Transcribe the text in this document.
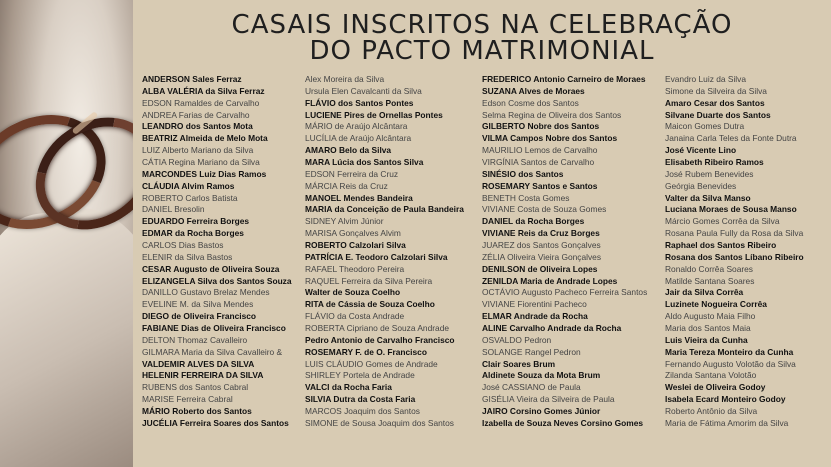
CASAIS INSCRITOS NA CELEBRAÇÃO
DO PACTO MATRIMONIAL
ANDERSON Sales Ferraz
ALBA VALÉRIA da Silva Ferraz
EDSON Ramaldes de Carvalho
ANDREA Farias de Carvalho
LEANDRO dos Santos Mota
BEATRIZ Almeida de Melo Mota
LUIZ Alberto Mariano da Silva
CÁTIA Regina Mariano da Silva
MARCONDES Luiz Dias Ramos
CLÁUDIA Alvim Ramos
ROBERTO Carlos Batista
DANIEL Bresolin
EDUARDO Ferreira Borges
EDMAR da Rocha Borges
CARLOS Dias Bastos
ELENIR da Silva Bastos
CESAR Augusto de Oliveira Souza
ELIZANGELA Silva dos Santos Souza
DANILLO Gustavo Brelaz Mendes
EVELINE M. da Silva Mendes
DIEGO de Oliveira Francisco
FABIANE Dias de Oliveira Francisco
DELTON Thomaz Cavalleiro
GILMARA Maria da Silva Cavalleiro &
VALDEMIR ALVES DA SILVA
HELENIR FERREIRA DA SILVA
RUBENS dos Santos Cabral
MARISE Ferreira Cabral
MÁRIO Roberto dos Santos
JUCÉLIA Ferreira Soares dos Santos
Alex Moreira da Silva
Ursula Elen Cavalcanti da Silva
FLÁVIO dos Santos Pontes
LUCIENE Pires de Ornellas Pontes
MÁRIO de Araújo Alcântara
LUCÍLIA de Araújo Alcântara
AMARO Belo da Silva
MARA Lúcia dos Santos Silva
EDSON Ferreira da Cruz
MÁRCIA Reis da Cruz
MANOEL Mendes Bandeira
MARIA da Conceição de Paula Bandeira
SIDNEY Alvim Júnior
MARISA Gonçalves Alvim
ROBERTO Calzolari Silva
PATRÍCIA E. Teodoro Calzolari Silva
RAFAEL Theodoro Pereira
RAQUEL Ferreira da Silva Pereira
Walter de Souza Coelho
RITA de Cássia de Souza Coelho
FLÁVIO da Costa Andrade
ROBERTA Cipriano de Souza Andrade
Pedro Antonio de Carvalho Francisco
ROSEMARY F. de O. Francisco
LUIS CLÁUDIO Gomes de Andrade
SHIRLEY Portela de Andrade
VALCI da Rocha Faria
SILVIA Dutra da Costa Faria
MARCOS Joaquim dos Santos
SIMONE de Sousa Joaquim dos Santos
FREDERICO Antonio Carneiro de Moraes
SUZANA Alves de Moraes
Edson Cosme dos Santos
Selma Regina de Oliveira dos Santos
GILBERTO Nobre dos Santos
VILMA Campos Nobre dos Santos
MAURILIO Lemos de Carvalho
VIRGÍNIA Santos de Carvalho
SINÉSIO dos Santos
ROSEMARY Santos e Santos
BENETH Costa Gomes
VIVIANE Costa de Souza Gomes
DANIEL da Rocha Borges
VIVIANE Reis da Cruz Borges
JUAREZ dos Santos Gonçalves
ZÉLIA Oliveira Vieira Gonçalves
DENILSON de Oliveira Lopes
ZENILDA Maria de Andrade Lopes
OCTÁVIO Augusto Pacheco Ferreira Santos
VIVIANE Fiorentini Pacheco
ELMAR Andrade da Rocha
ALINE Carvalho Andrade da Rocha
OSVALDO Pedron
SOLANGE Rangel Pedron
Clair Soares Brum
Aldinete Souza da Mota Brum
José CASSIANO de Paula
GISÉLIA Vieira da Silveira de Paula
JAIRO Corsino Gomes Júnior
Izabella de Souza Neves Corsino Gomes
Evandro Luiz da Silva
Simone da Silveira da Silva
Amaro Cesar dos Santos
Silvane Duarte dos Santos
Maicon Gomes Dutra
Janaina Carla Teles da Fonte Dutra
José Vicente Lino
Elisabeth Ribeiro Ramos
José Rubem Benevides
Geórgia Benevides
Valter da Silva Manso
Luciana Moraes de Sousa Manso
Márcio Gomes Corrêa da Silva
Rosana Paula Fully da Rosa da Silva
Raphael dos Santos Ribeiro
Rosana dos Santos Líbano Ribeiro
Ronaldo Corrêa Soares
Matilde Santana Soares
Jair da Silva Corrêa
Luzinete Nogueira Corrêa
Aldo Augusto Maia Filho
Maria dos Santos Maia
Luis Vieira da Cunha
Maria Tereza Monteiro da Cunha
Fernando Augusto Volotão da Silva
Zilanda Santana Volotão
Weslei de Oliveira Godoy
Isabela Ecard Monteiro Godoy
Roberto Antônio da Silva
Maria de Fátima Amorim da Silva
